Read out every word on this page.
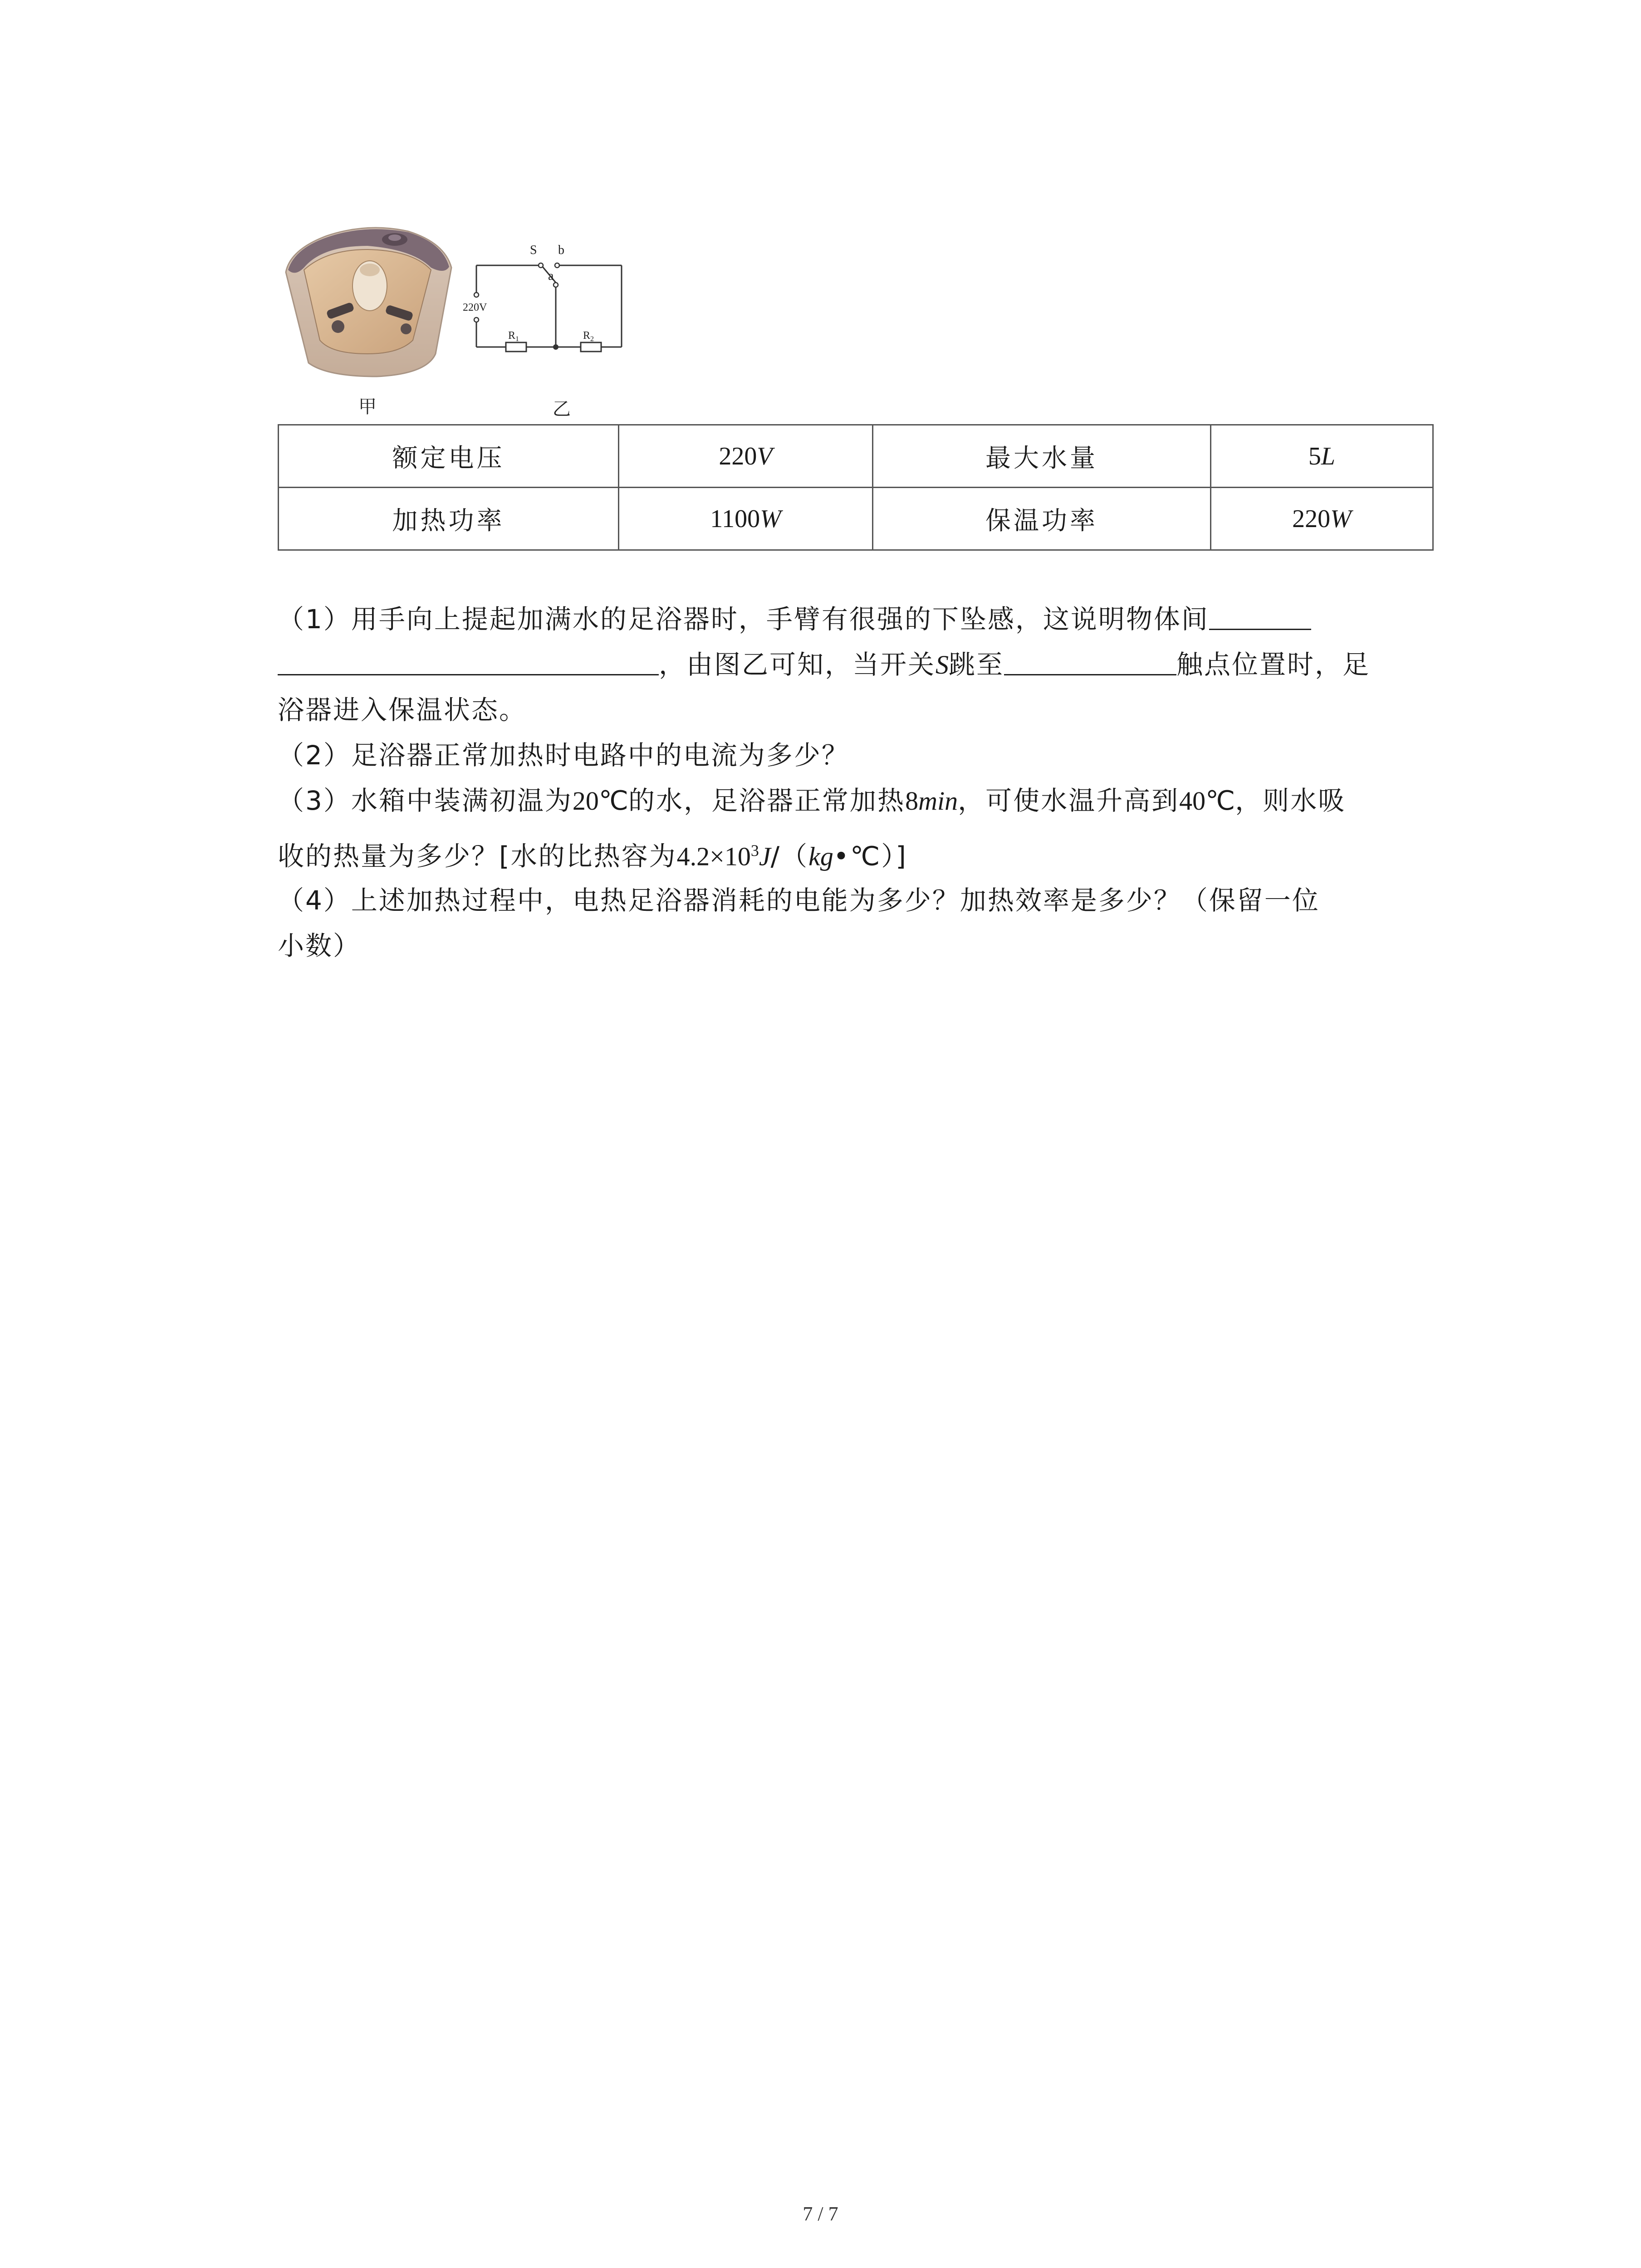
S b
a
220V
$R_1$	$R_2$
甲	乙
额定电压	220V	最大水量	5L
加热功率	1100W	保温功率	220W
（1）用手向上提起加满水的足浴器时，手臂有很强的下坠感，这说明物体间
，由图乙可知，当开关S跳至	触点位置时，足
浴器进入保温状态。
（2）足浴器正常加热时电路中的电流为多少？
（3）水箱中装满初温为20℃的水，足浴器正常加热8min，可使水温升高到40℃，则水吸
收的热量为多少？[水的比热容为$4.2\times 10^3J/(kg•℃)$]
（4）上述加热过程中，电热足浴器消耗的电能为多少？加热效率是多少？（保留一位
小数）
7 / 7
